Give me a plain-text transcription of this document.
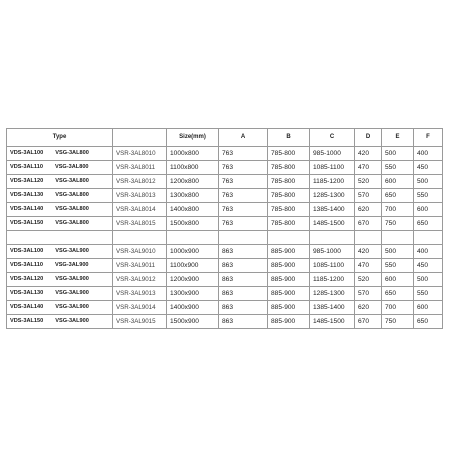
Type		Size(mm)	A	B	C	D	E	F
VDS-3AL100 VSG-3AL800	VSR-3AL8010	1000x800	763	785-800	985-1000	420	500	400
VDS-3AL110 VSG-3AL800	VSR-3AL8011	1100x800	763	785-800	1085-1100	470	550	450
VDS-3AL120 VSG-3AL800	VSR-3AL8012	1200x800	763	785-800	1185-1200	520	600	500
VDS-3AL130 VSG-3AL800	VSR-3AL8013	1300x800	763	785-800	1285-1300	570	650	550
VDS-3AL140 VSG-3AL800	VSR-3AL8014	1400x800	763	785-800	1385-1400	620	700	600
VDS-3AL150 VSG-3AL800	VSR-3AL8015	1500x800	763	785-800	1485-1500	670	750	650

VDS-3AL100 VSG-3AL900	VSR-3AL9010	1000x900	863	885-900	985-1000	420	500	400
VDS-3AL110 VSG-3AL900	VSR-3AL9011	1100x900	863	885-900	1085-1100	470	550	450
VDS-3AL120 VSG-3AL900	VSR-3AL9012	1200x900	863	885-900	1185-1200	520	600	500
VDS-3AL130 VSG-3AL900	VSR-3AL9013	1300x900	863	885-900	1285-1300	570	650	550
VDS-3AL140 VSG-3AL900	VSR-3AL9014	1400x900	863	885-900	1385-1400	620	700	600
VDS-3AL150 VSG-3AL900	VSR-3AL9015	1500x900	863	885-900	1485-1500	670	750	650
